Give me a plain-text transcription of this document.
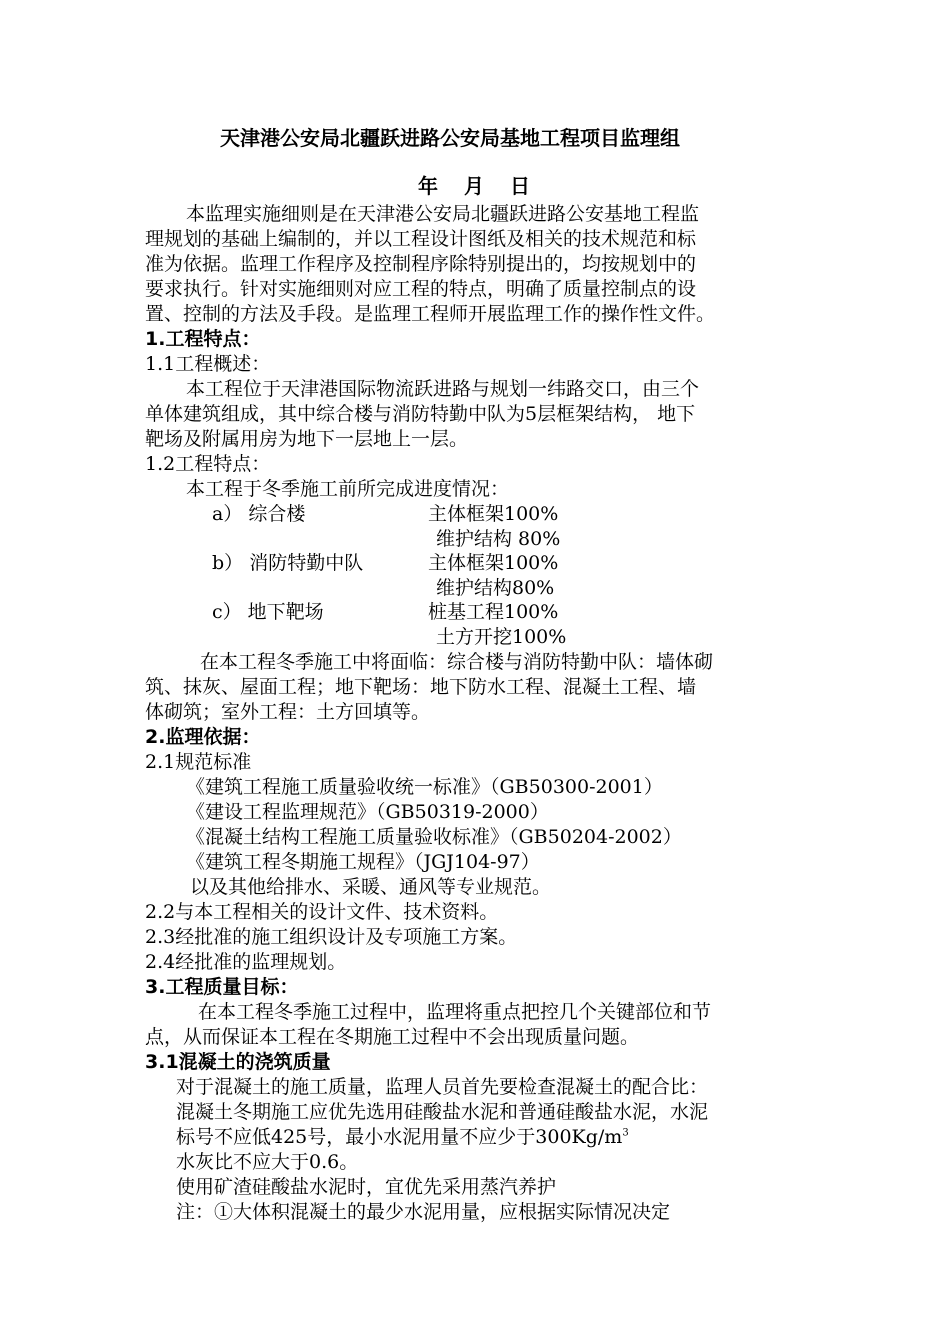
天津港公安局北疆跃进路公安局基地工程项目监理组
年 月 日
本监理实施细则是在天津港公安局北疆跃进路公安基地工程监
理规划的基础上编制的，并以工程设计图纸及相关的技术规范和标
准为依据。监理工作程序及控制程序除特别提出的，均按规划中的
要求执行。针对实施细则对应工程的特点，明确了质量控制点的设
置、控制的方法及手段。是监理工程师开展监理工作的操作性文件。
1.工程特点：
1.1工程概述：
本工程位于天津港国际物流跃进路与规划一纬路交口，由三个
单体建筑组成，其中综合楼与消防特勤中队为5层框架结构， 地下
靶场及附属用房为地下一层地上一层。
1.2工程特点：
本工程于冬季施工前所完成进度情况：
a） 综合楼	主体框架100%
维护结构 80%
b） 消防特勤中队	主体框架100%
维护结构80%
c） 地下靶场	桩基工程100%
土方开挖100%
在本工程冬季施工中将面临：综合楼与消防特勤中队：墙体砌
筑、抹灰、屋面工程；地下靶场：地下防水工程、混凝土工程、墙
体砌筑；室外工程：土方回填等。
2.监理依据：
2.1规范标准
《建筑工程施工质量验收统一标准》（GB50300-2001）
《建设工程监理规范》（GB50319-2000）
《混凝土结构工程施工质量验收标准》（GB50204-2002）
《建筑工程冬期施工规程》（JGJ104-97）
以及其他给排水、采暖、通风等专业规范。
2.2与本工程相关的设计文件、技术资料。
2.3经批准的施工组织设计及专项施工方案。
2.4经批准的监理规划。
3.工程质量目标：
在本工程冬季施工过程中，监理将重点把控几个关键部位和节
点，从而保证本工程在冬期施工过程中不会出现质量问题。
3.1混凝土的浇筑质量
对于混凝土的施工质量，监理人员首先要检查混凝土的配合比：
混凝土冬期施工应优先选用硅酸盐水泥和普通硅酸盐水泥，水泥
标号不应低425号，最小水泥用量不应少于$300Kg/m^3$
水灰比不应大于0.6。
使用矿渣硅酸盐水泥时，宜优先采用蒸汽养护
注：①大体积混凝土的最少水泥用量，应根据实际情况决定
